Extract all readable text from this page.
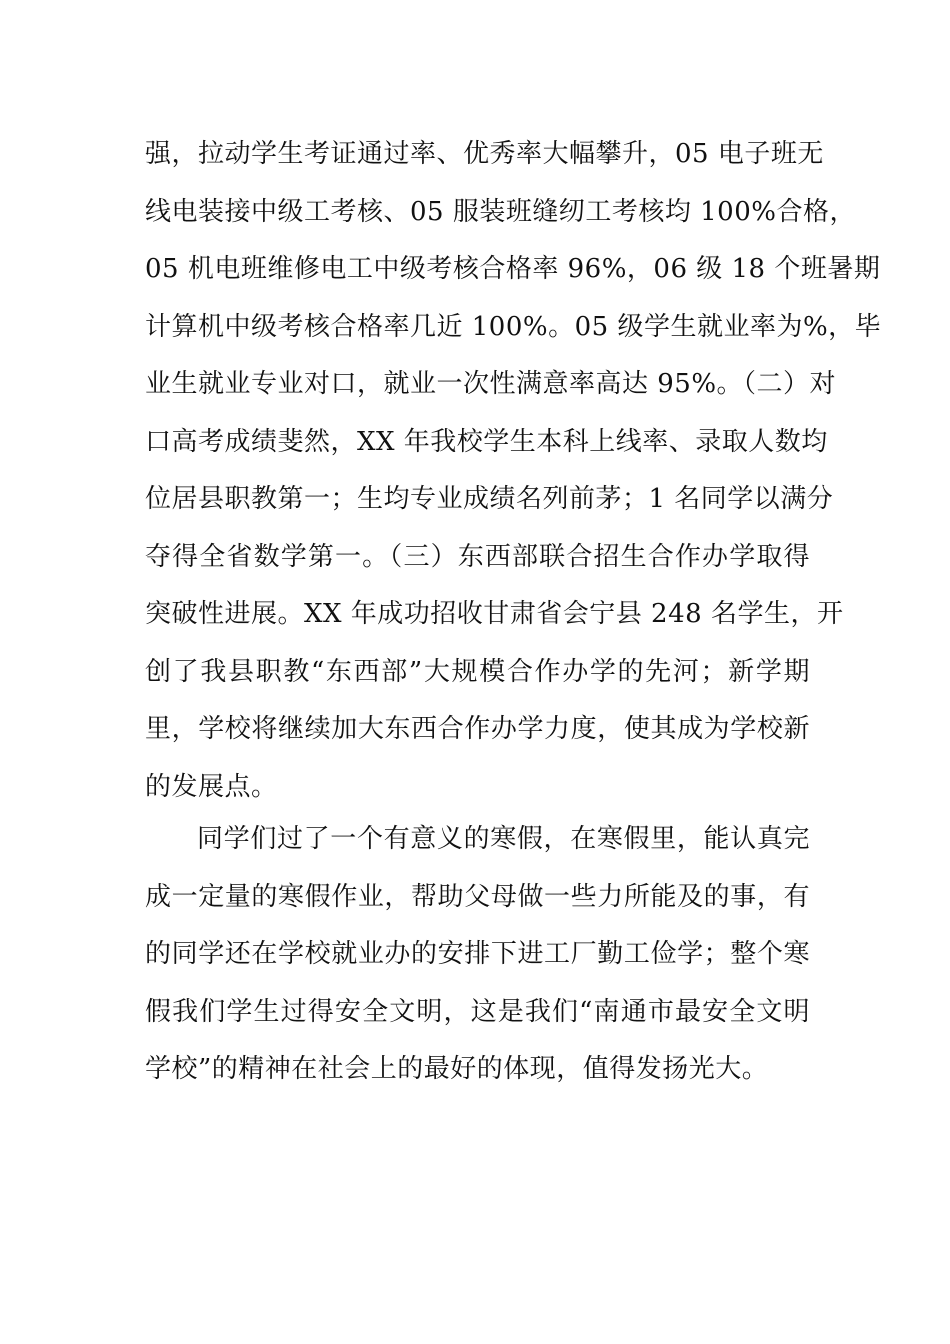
强，拉动学生考证通过率、优秀率大幅攀升，05 电子班无
线电装接中级工考核、05 服装班缝纫工考核均 100%合格，
05 机电班维修电工中级考核合格率 96%，06 级 18 个班暑期
计算机中级考核合格率几近 100%。05 级学生就业率为%，毕
业生就业专业对口，就业一次性满意率高达 95%。（二）对
口高考成绩斐然，XX 年我校学生本科上线率、录取人数均
位居县职教第一；生均专业成绩名列前茅；1 名同学以满分
夺得全省数学第一。（三）东西部联合招生合作办学取得
突破性进展。XX 年成功招收甘肃省会宁县 248 名学生，开
创了我县职教“东西部”大规模合作办学的先河；新学期
里，学校将继续加大东西合作办学力度，使其成为学校新
的发展点。
同学们过了一个有意义的寒假，在寒假里，能认真完
成一定量的寒假作业，帮助父母做一些力所能及的事，有
的同学还在学校就业办的安排下进工厂勤工俭学；整个寒
假我们学生过得安全文明，这是我们“南通市最安全文明
学校”的精神在社会上的最好的体现，值得发扬光大。
